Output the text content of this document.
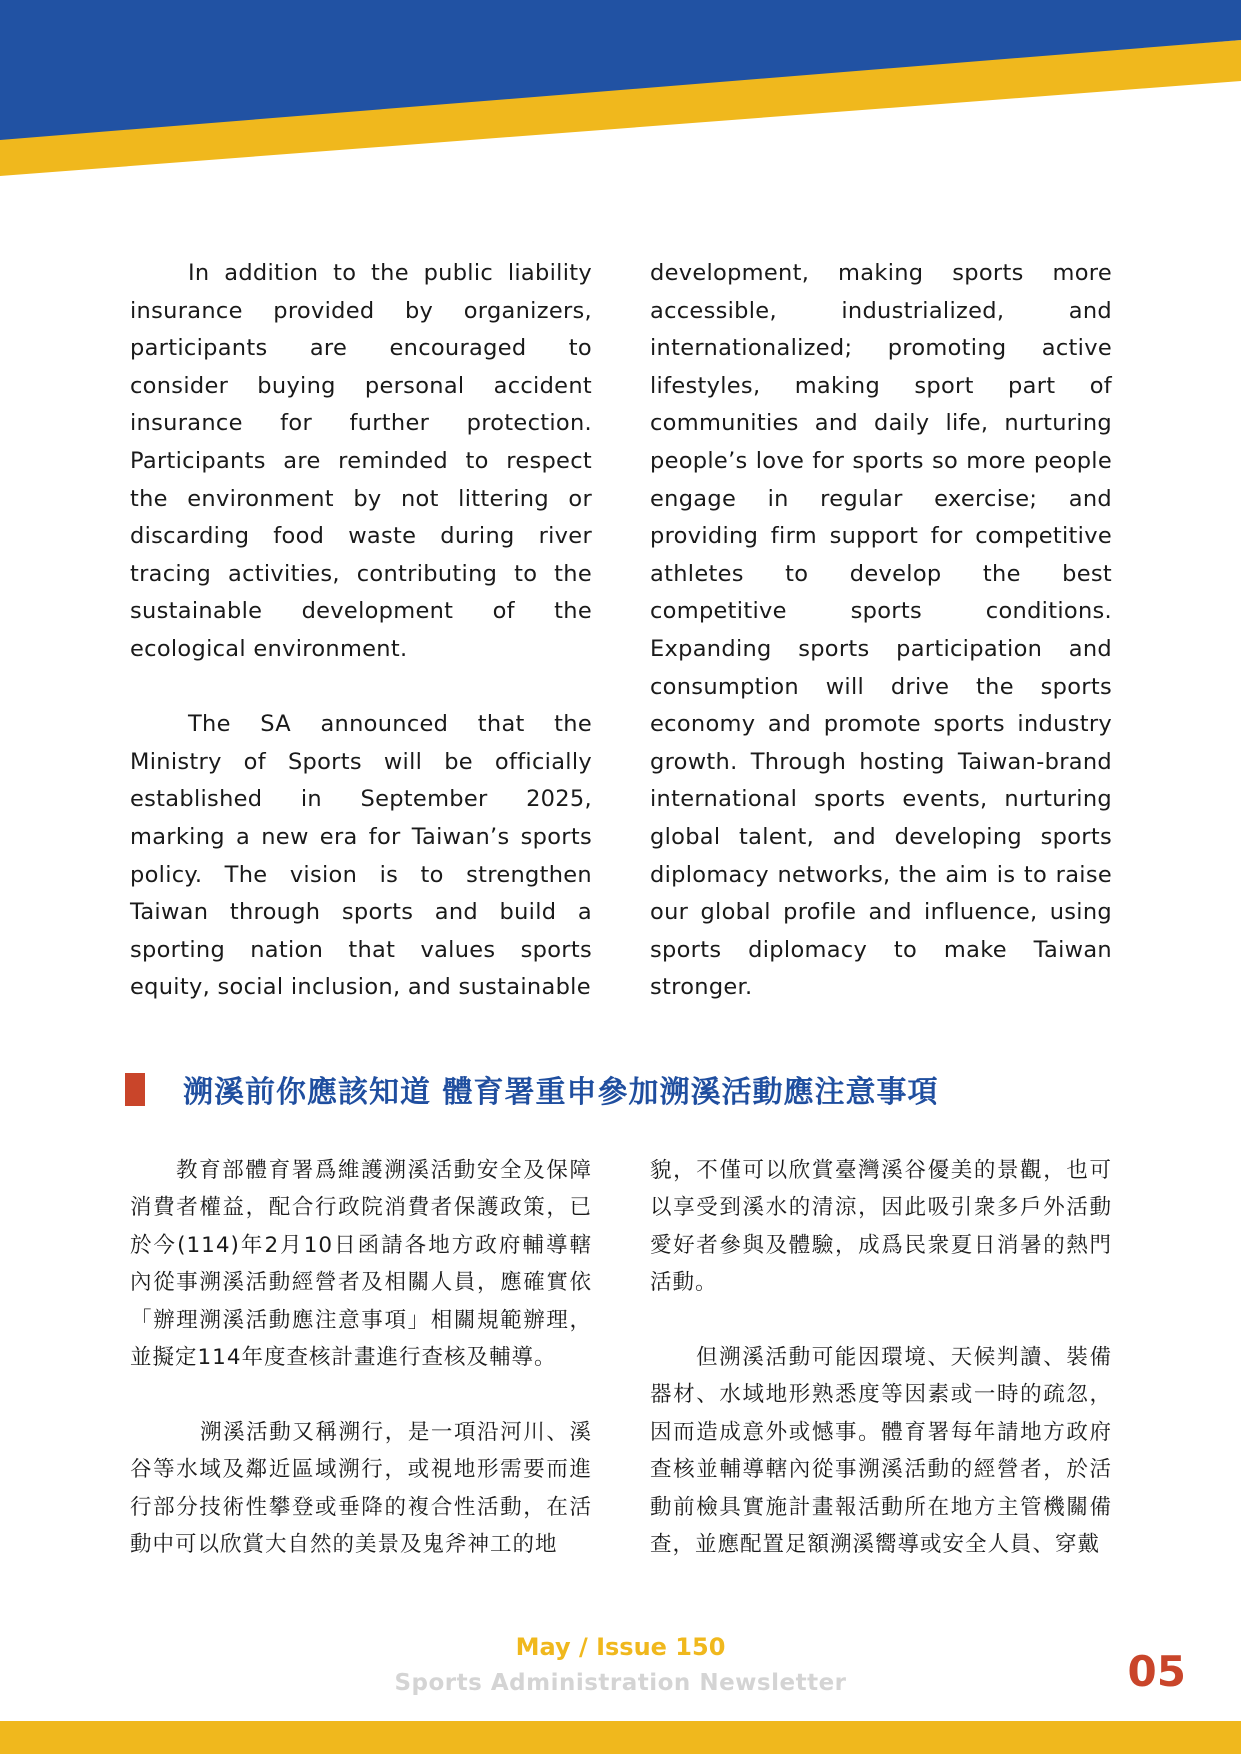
In addition to the public liability insurance provided by organizers, participants are encouraged to consider buying personal accident insurance for further protection. Participants are reminded to respect the environment by not littering or discarding food waste during river tracing activities, contributing to the sustainable development of the ecological environment.

The SA announced that the Ministry of Sports will be officially established in September 2025, marking a new era for Taiwan’s sports policy. The vision is to strengthen Taiwan through sports and build a sporting nation that values sports equity, social inclusion, and sustainable

development, making sports more accessible, industrialized, and internationalized; promoting active lifestyles, making sport part of communities and daily life, nurturing people’s love for sports so more people engage in regular exercise; and providing firm support for competitive athletes to develop the best competitive sports conditions. Expanding sports participation and consumption will drive the sports economy and promote sports industry growth. Through hosting Taiwan-brand international sports events, nurturing global talent, and developing sports diplomacy networks, the aim is to raise our global profile and influence, using sports diplomacy to make Taiwan stronger.

溯溪前你應該知道 體育署重申參加溯溪活動應注意事項

教育部體育署爲維護溯溪活動安全及保障消費者權益，配合行政院消費者保護政策，已於今(114)年2月10日函請各地方政府輔導轄內從事溯溪活動經營者及相關人員，應確實依「辦理溯溪活動應注意事項」相關規範辦理，並擬定114年度查核計畫進行查核及輔導。

溯溪活動又稱溯行，是一項沿河川、溪谷等水域及鄰近區域溯行，或視地形需要而進行部分技術性攀登或垂降的複合性活動，在活動中可以欣賞大自然的美景及鬼斧神工的地

貌，不僅可以欣賞臺灣溪谷優美的景觀，也可以享受到溪水的清涼，因此吸引衆多戶外活動愛好者參與及體驗，成爲民衆夏日消暑的熱門活動。

但溯溪活動可能因環境、天候判讀、裝備器材、水域地形熟悉度等因素或一時的疏忽，因而造成意外或憾事。體育署每年請地方政府查核並輔導轄內從事溯溪活動的經營者，於活動前檢具實施計畫報活動所在地方主管機關備查，並應配置足額溯溪嚮導或安全人員、穿戴

May / Issue 150
Sports Administration Newsletter	05
